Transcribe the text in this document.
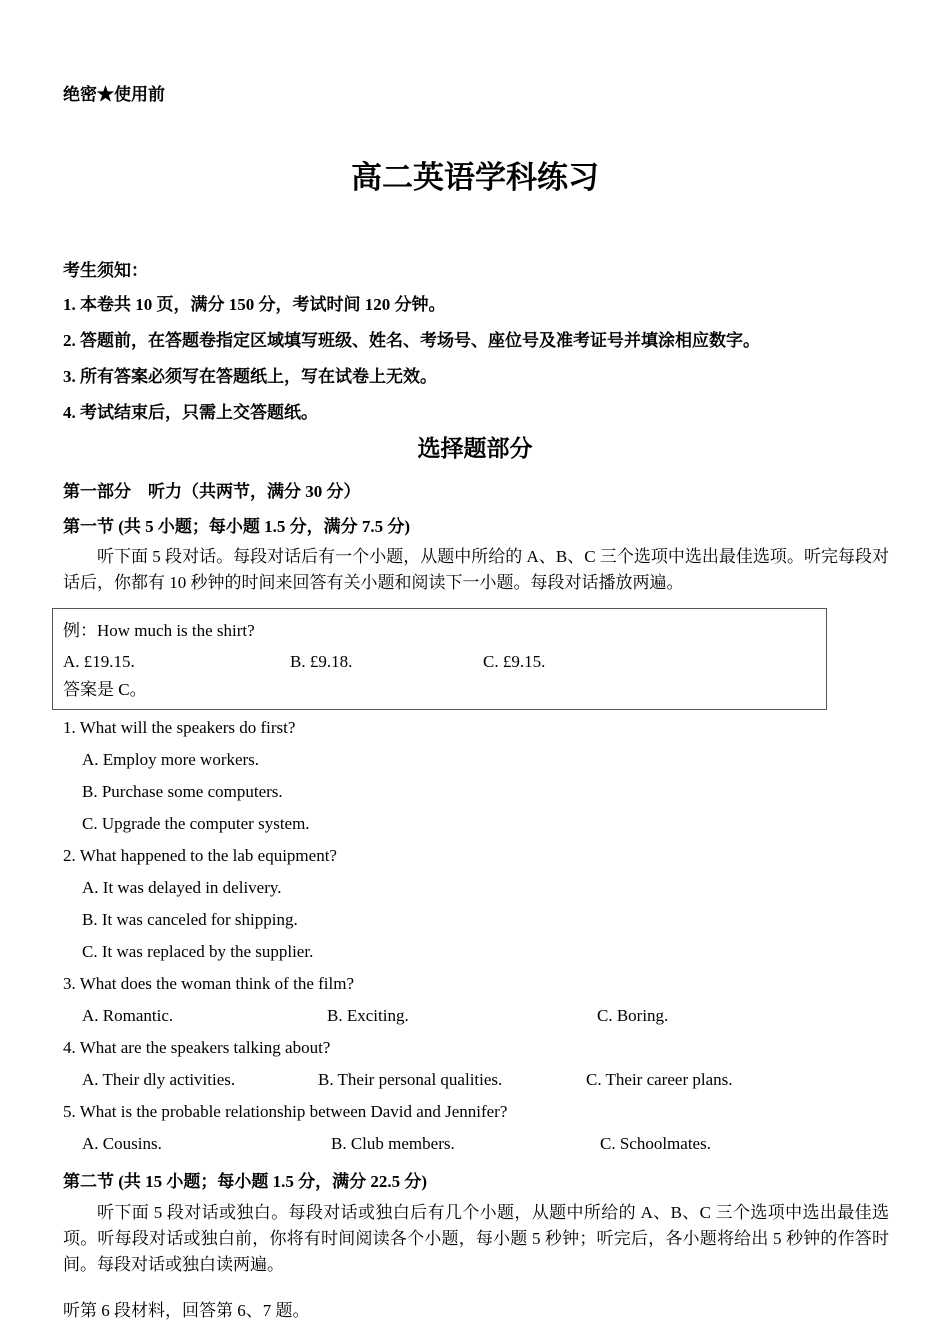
绝密★使用前
高二英语学科练习
考生须知：
1. 本卷共 10 页，满分 150 分，考试时间 120 分钟。
2. 答题前，在答题卷指定区域填写班级、姓名、考场号、座位号及准考证号并填涂相应数字。
3. 所有答案必须写在答题纸上，写在试卷上无效。
4. 考试结束后，只需上交答题纸。
选择题部分
第一部分　听力（共两节，满分 30 分）
第一节 (共 5 小题；每小题 1.5 分，满分 7.5 分)
听下面 5 段对话。每段对话后有一个小题，从题中所给的 A、B、C 三个选项中选出最佳选项。听完每段对话后，你都有 10 秒钟的时间来回答有关小题和阅读下一小题。每段对话播放两遍。
例：How much is the shirt?
A. £19.15.	B. £9.18.	C. £9.15.
答案是 C。
1. What will the speakers do first?
A. Employ more workers.
B. Purchase some computers.
C. Upgrade the computer system.
2. What happened to the lab equipment?
A. It was delayed in delivery.
B. It was canceled for shipping.
C. It was replaced by the supplier.
3. What does the woman think of the film?
A. Romantic.	B. Exciting.	C. Boring.
4. What are the speakers talking about?
A. Their dly activities.	B. Their personal qualities.	C. Their career plans.
5. What is the probable relationship between David and Jennifer?
A. Cousins.	B. Club members.	C. Schoolmates.
第二节 (共 15 小题；每小题 1.5 分，满分 22.5 分)
听下面 5 段对话或独白。每段对话或独白后有几个小题，从题中所给的 A、B、C 三个选项中选出最佳选项。听每段对话或独白前，你将有时间阅读各个小题，每小题 5 秒钟；听完后，各小题将给出 5 秒钟的作答时间。每段对话或独白读两遍。
听第 6 段材料，回答第 6、7 题。
